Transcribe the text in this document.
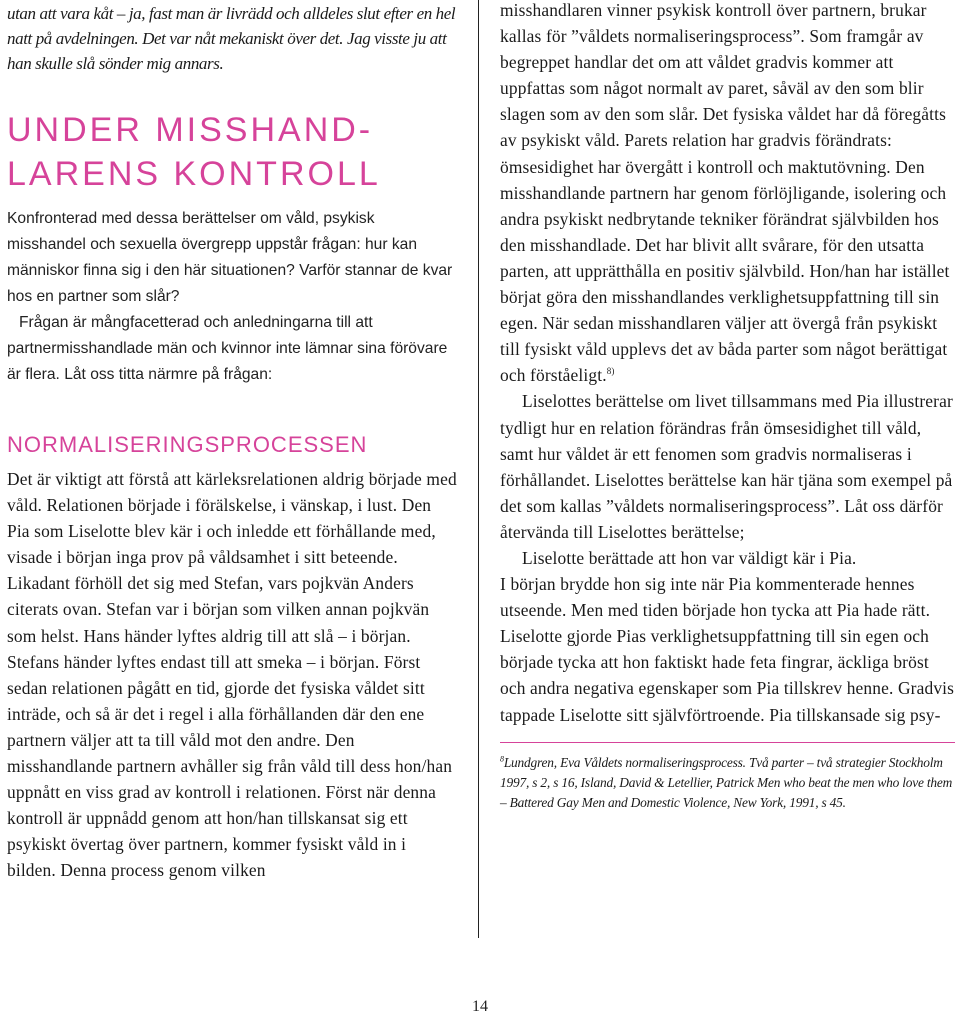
utan att vara kåt – ja, fast man är livrädd och alldeles slut efter en hel natt på avdelningen. Det var nåt mekaniskt över det. Jag visste ju att han skulle slå sönder mig annars.

UNDER MISSHAND-
LARENS KONTROLL

Konfronterad med dessa berättelser om våld, psykisk misshandel och sexuella övergrepp uppstår frågan: hur kan människor finna sig i den här situationen? Varför stannar de kvar hos en partner som slår?

Frågan är mångfacetterad och anledningarna till att partnermisshandlade män och kvinnor inte lämnar sina förövare är flera. Låt oss titta närmre på frågan:

NORMALISERINGSPROCESSEN

Det är viktigt att förstå att kärleksrelationen aldrig började med våld. Relationen började i förälskelse, i vänskap, i lust. Den Pia som Liselotte blev kär i och inledde ett förhållande med, visade i början inga prov på våldsamhet i sitt beteende. Likadant förhöll det sig med Stefan, vars pojkvän Anders citerats ovan. Stefan var i början som vilken annan pojkvän som helst. Hans händer lyftes aldrig till att slå – i början. Stefans händer lyftes endast till att smeka – i början. Först sedan relationen pågått en tid, gjorde det fysiska våldet sitt inträde, och så är det i regel i alla förhållanden där den ene partnern väljer att ta till våld mot den andre. Den misshandlande partnern avhåller sig från våld till dess hon/han uppnått en viss grad av kontroll i relationen. Först när denna kontroll är uppnådd genom att hon/han tillskansat sig ett psykiskt övertag över partnern, kommer fysiskt våld in i bilden. Denna process genom vilken

misshandlaren vinner psykisk kontroll över partnern, brukar kallas för ”våldets normaliseringsprocess”. Som framgår av begreppet handlar det om att våldet gradvis kommer att uppfattas som något normalt av paret, såväl av den som blir slagen som av den som slår. Det fysiska våldet har då föregåtts av psykiskt våld. Parets relation har gradvis förändrats: ömsesidighet har övergått i kontroll och maktutövning. Den misshandlande partnern har genom förlöjligande, isolering och andra psykiskt nedbrytande tekniker förändrat självbilden hos den misshandlade. Det har blivit allt svårare, för den utsatta parten, att upprätthålla en positiv självbild. Hon/han har istället börjat göra den misshandlandes verklighetsuppfattning till sin egen. När sedan misshandlaren väljer att övergå från psykiskt till fysiskt våld upplevs det av båda parter som något berättigat och förståeligt.$^{8)}$

Liselottes berättelse om livet tillsammans med Pia illustrerar tydligt hur en relation förändras från ömsesidighet till våld, samt hur våldet är ett fenomen som gradvis normaliseras i förhållandet. Liselottes berättelse kan här tjäna som exempel på det som kallas ”våldets normaliseringsprocess”. Låt oss därför återvända till Liselottes berättelse;

Liselotte berättade att hon var väldigt kär i Pia.

I början brydde hon sig inte när Pia kommenterade hennes utseende. Men med tiden började hon tycka att Pia hade rätt. Liselotte gjorde Pias verklighetsuppfattning till sin egen och började tycka att hon faktiskt hade feta fingrar, äckliga bröst och andra negativa egenskaper som Pia tillskrev henne. Gradvis tappade Liselotte sitt självförtroende. Pia tillskansade sig psy-

$^8$Lundgren, Eva Våldets normaliseringsprocess. Två parter – två strategier Stockholm 1997, s 2, s 16, Island, David & Letellier, Patrick Men who beat the men who love them – Battered Gay Men and Domestic Violence, New York, 1991, s 45.

14
